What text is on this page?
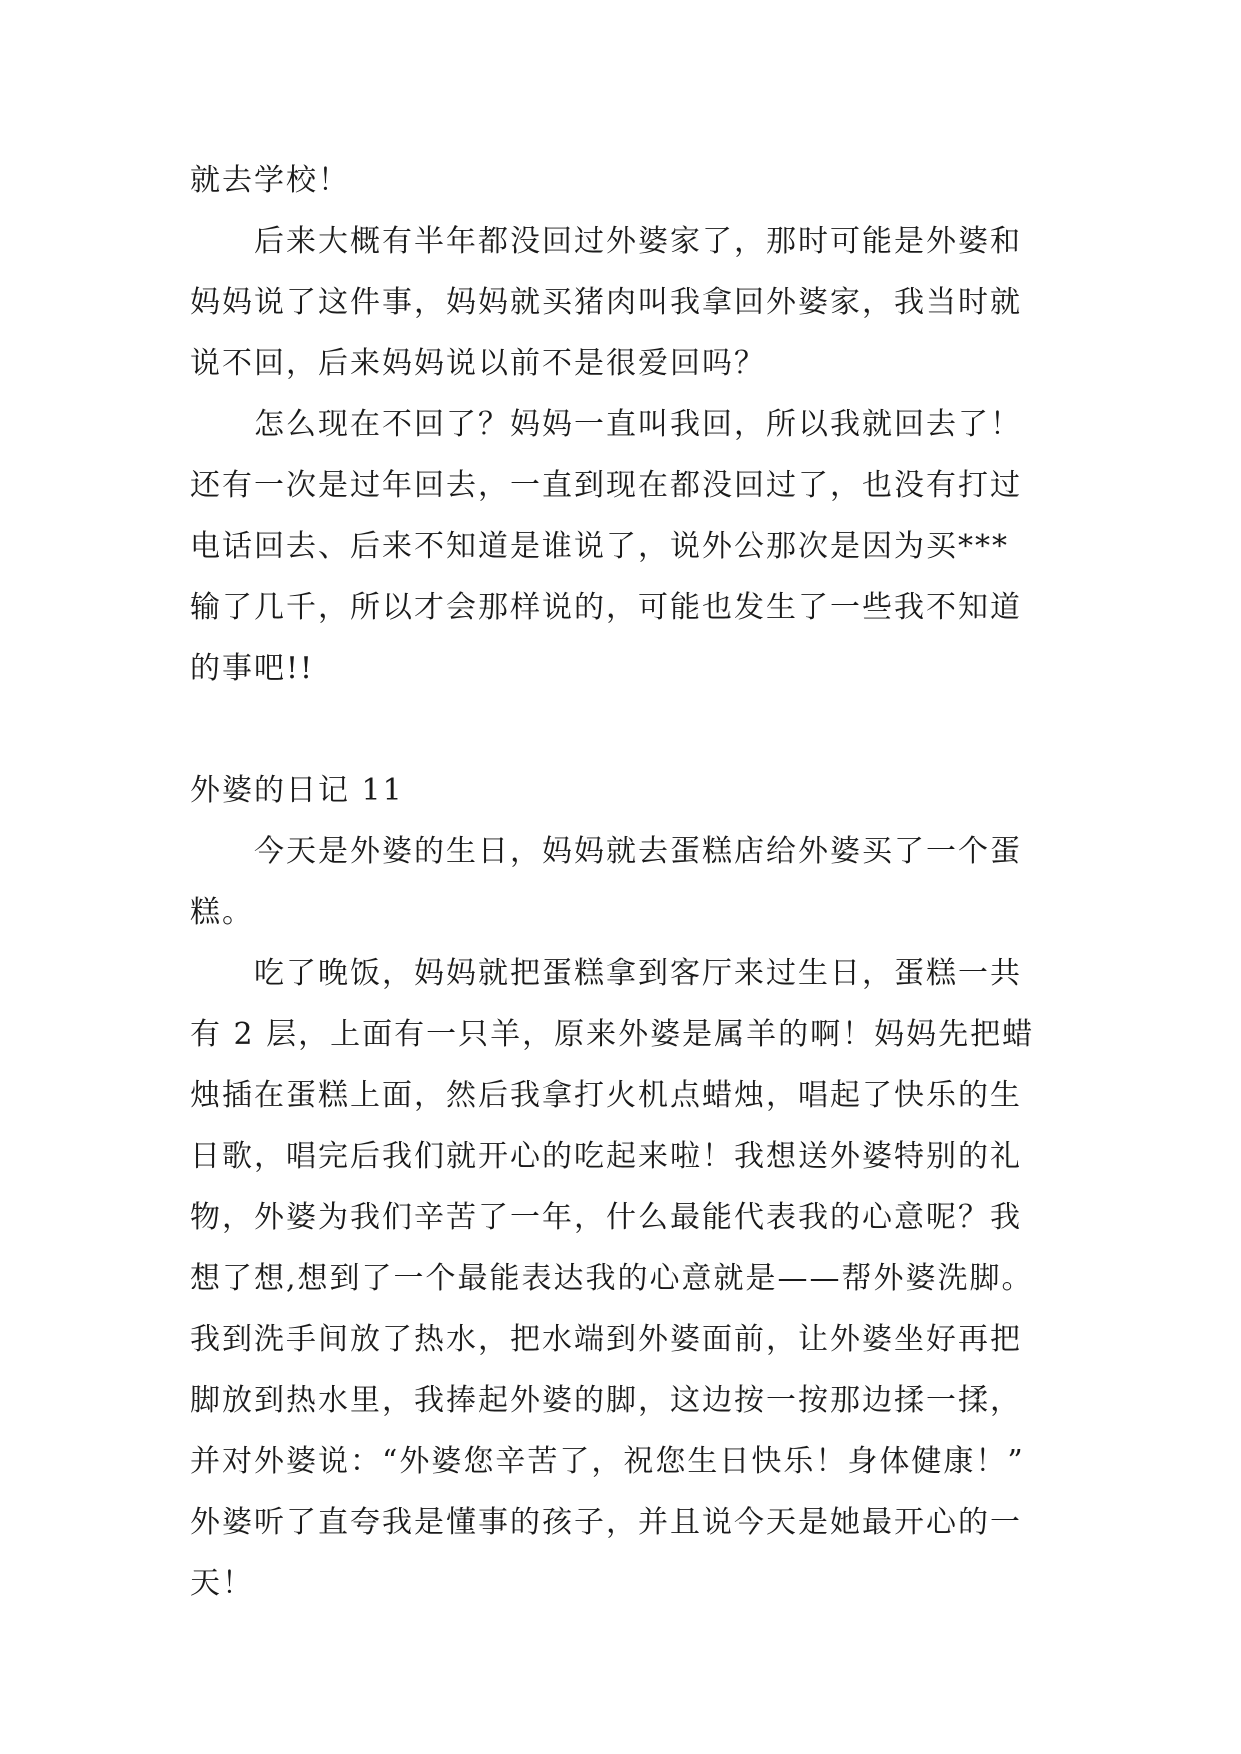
就去学校！
后来大概有半年都没回过外婆家了，那时可能是外婆和
妈妈说了这件事，妈妈就买猪肉叫我拿回外婆家，我当时就
说不回，后来妈妈说以前不是很爱回吗？
怎么现在不回了？妈妈一直叫我回，所以我就回去了！
还有一次是过年回去，一直到现在都没回过了，也没有打过
电话回去、后来不知道是谁说了，说外公那次是因为买***
输了几千，所以才会那样说的，可能也发生了一些我不知道
的事吧!!
外婆的日记 11
今天是外婆的生日，妈妈就去蛋糕店给外婆买了一个蛋
糕。
吃了晚饭，妈妈就把蛋糕拿到客厅来过生日，蛋糕一共
有 2 层，上面有一只羊，原来外婆是属羊的啊！妈妈先把蜡
烛插在蛋糕上面，然后我拿打火机点蜡烛，唱起了快乐的生
日歌，唱完后我们就开心的吃起来啦！我想送外婆特别的礼
物，外婆为我们辛苦了一年，什么最能代表我的心意呢？我
想了想,想到了一个最能表达我的心意就是——帮外婆洗脚。
我到洗手间放了热水，把水端到外婆面前，让外婆坐好再把
脚放到热水里，我捧起外婆的脚，这边按一按那边揉一揉，
并对外婆说：“外婆您辛苦了，祝您生日快乐！身体健康！”
外婆听了直夸我是懂事的孩子，并且说今天是她最开心的一
天！
